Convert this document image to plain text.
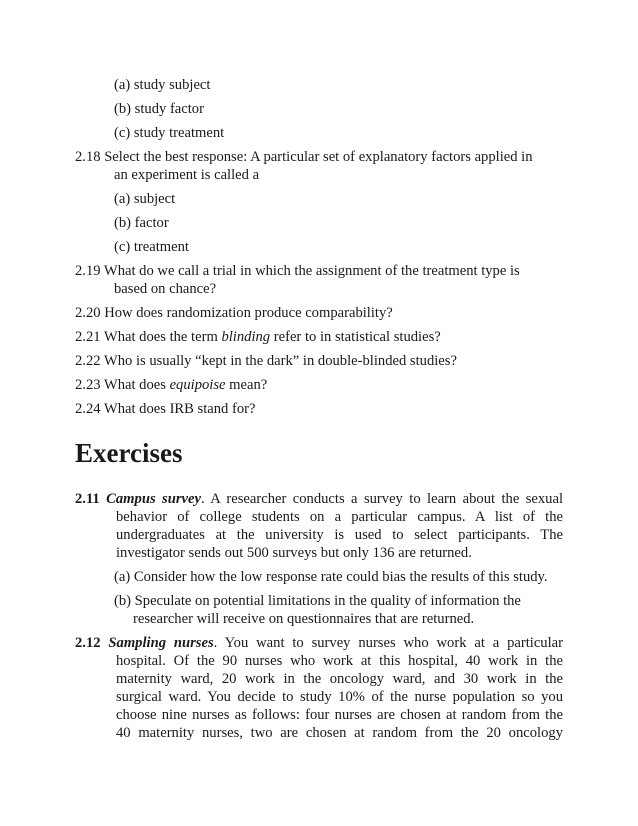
(a) study subject
(b) study factor
(c) study treatment
2.18 Select the best response: A particular set of explanatory factors applied in
an experiment is called a
(a) subject
(b) factor
(c) treatment
2.19 What do we call a trial in which the assignment of the treatment type is
based on chance?
2.20 How does randomization produce comparability?
2.21 What does the term blinding refer to in statistical studies?
2.22 Who is usually “kept in the dark” in double-blinded studies?
2.23 What does equipoise mean?
2.24 What does IRB stand for?
Exercises
2.11 Campus survey. A researcher conducts a survey to learn about the sexual
behavior of college students on a particular campus. A list of the
undergraduates at the university is used to select participants. The
investigator sends out 500 surveys but only 136 are returned.
(a) Consider how the low response rate could bias the results of this study.
(b) Speculate on potential limitations in the quality of information the
researcher will receive on questionnaires that are returned.
2.12 Sampling nurses. You want to survey nurses who work at a particular
hospital. Of the 90 nurses who work at this hospital, 40 work in the
maternity ward, 20 work in the oncology ward, and 30 work in the
surgical ward. You decide to study 10% of the nurse population so you
choose nine nurses as follows: four nurses are chosen at random from the
40 maternity nurses, two are chosen at random from the 20 oncology
